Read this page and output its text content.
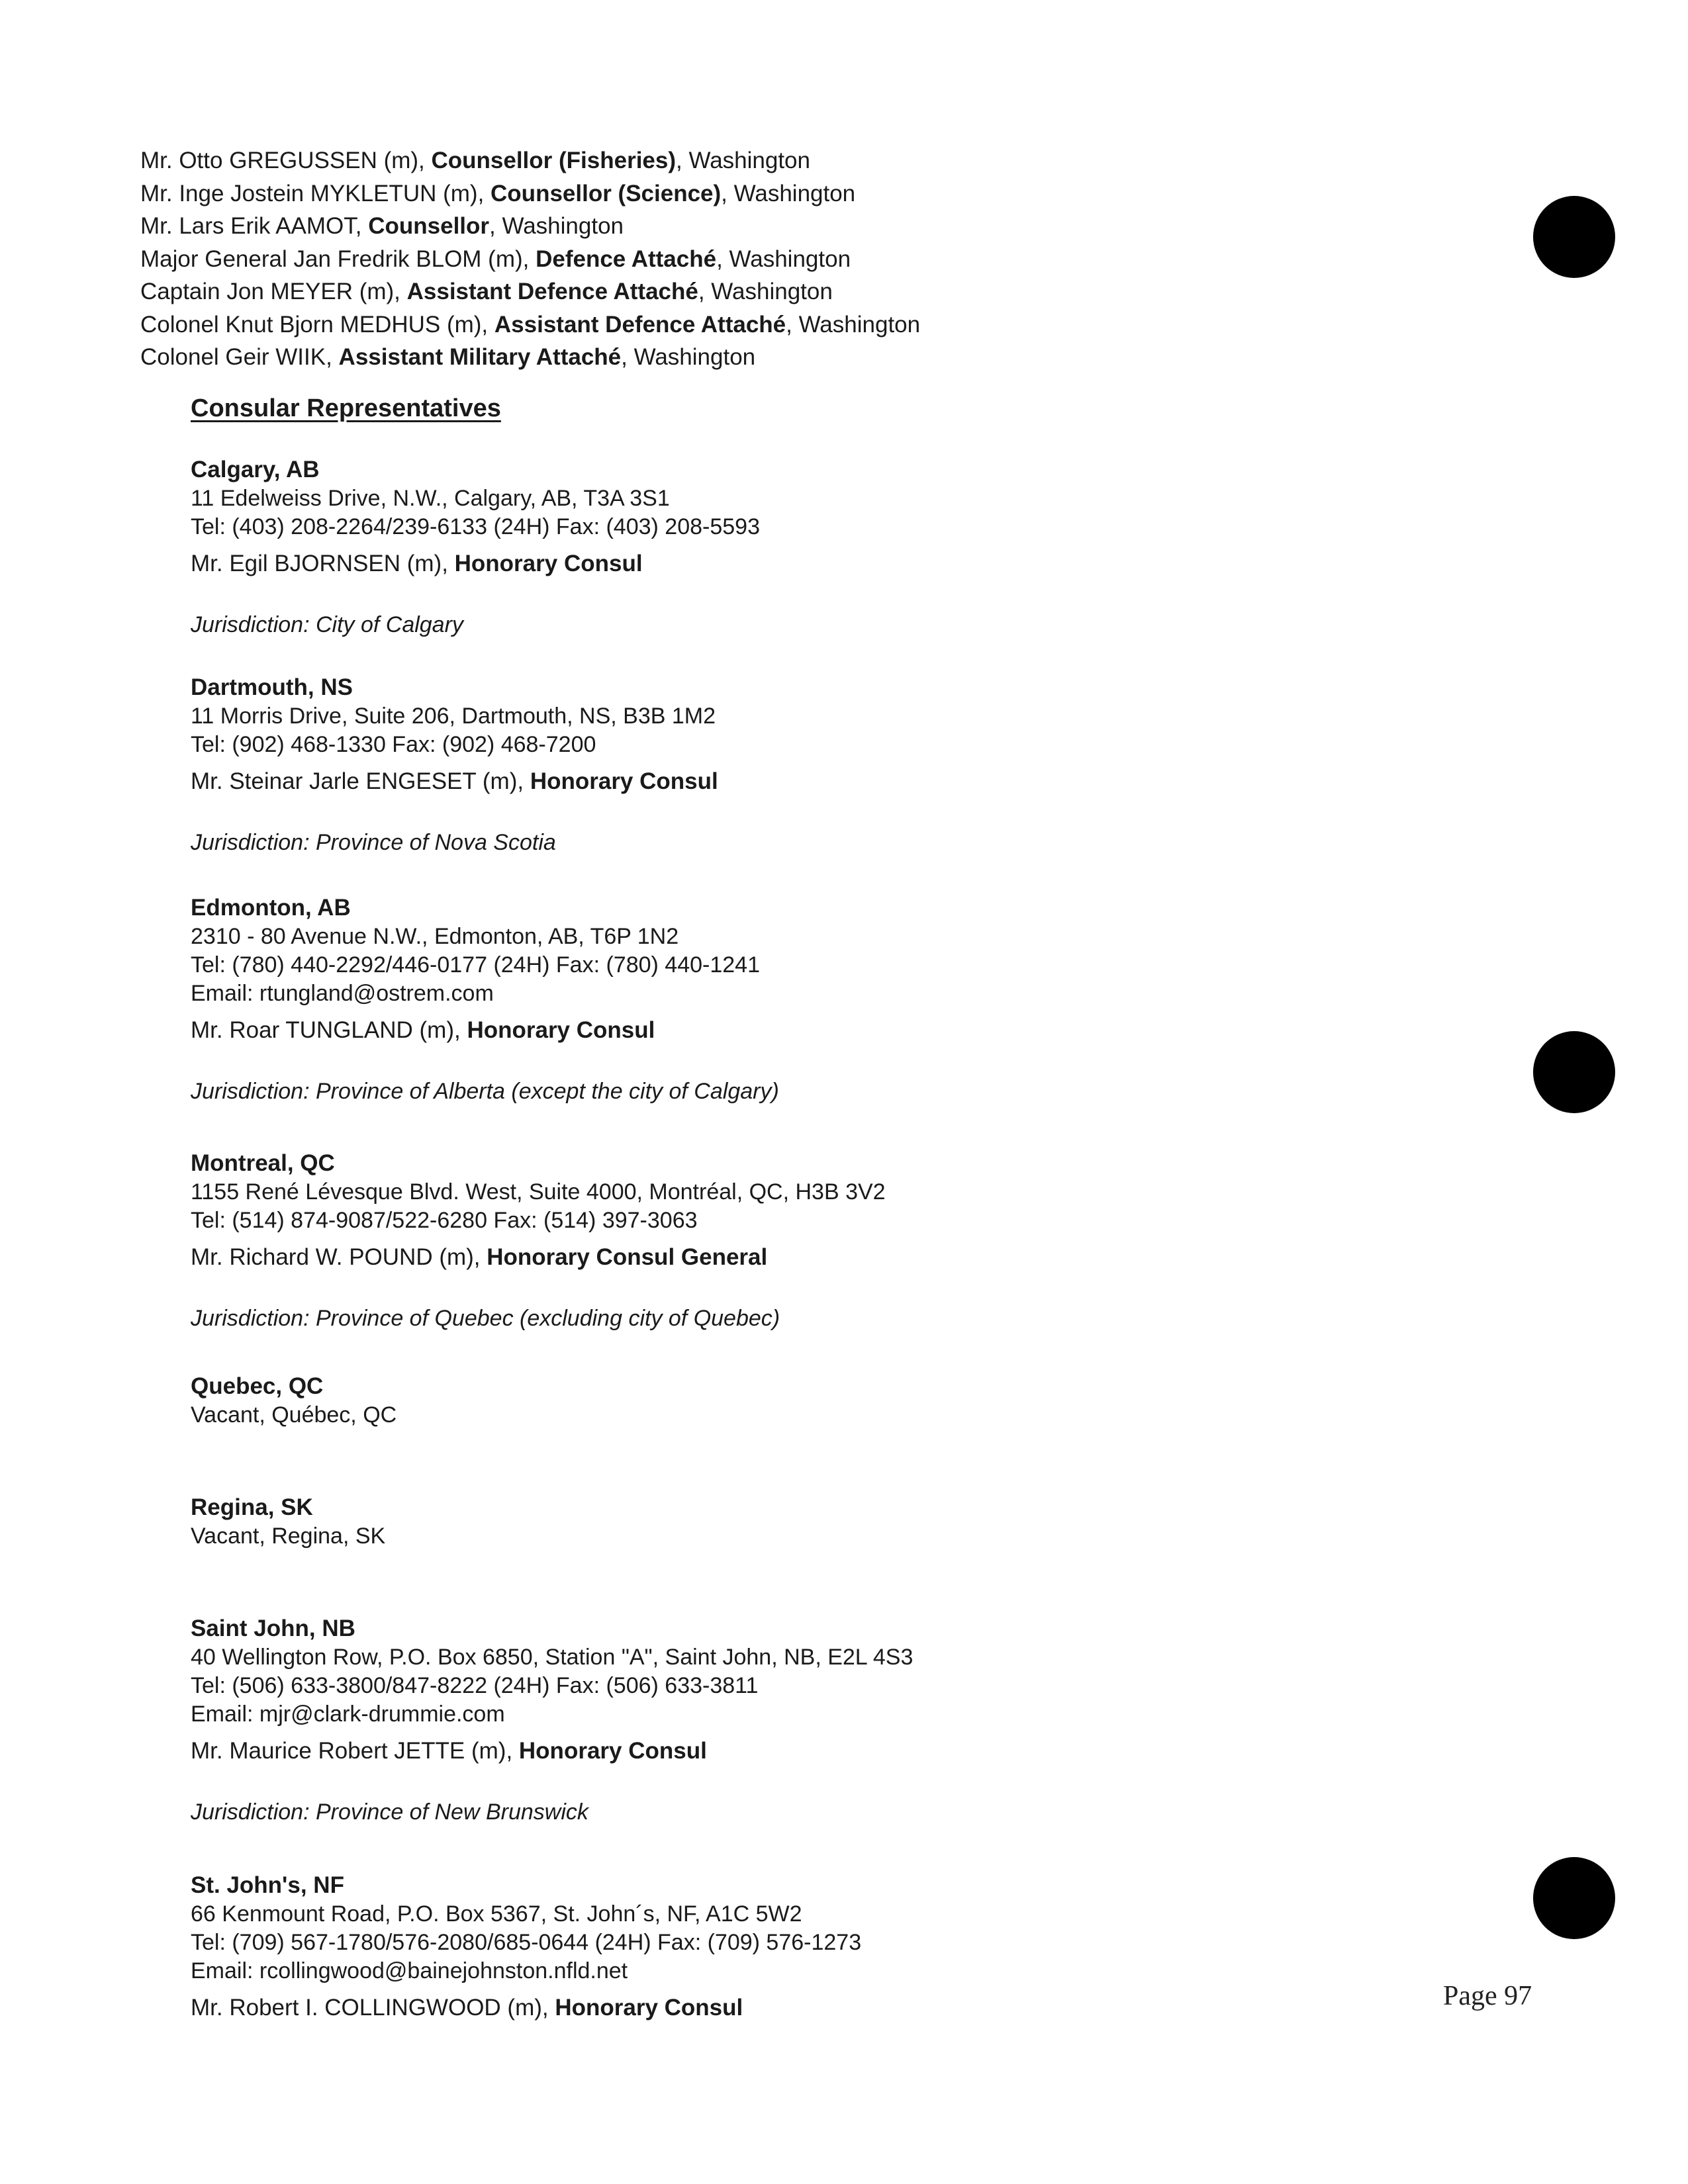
Mr. Otto GREGUSSEN (m), Counsellor (Fisheries), Washington
Mr. Inge Jostein MYKLETUN (m), Counsellor (Science), Washington
Mr. Lars Erik AAMOT, Counsellor, Washington
Major General Jan Fredrik BLOM (m), Defence Attaché, Washington
Captain Jon MEYER (m), Assistant Defence Attaché, Washington
Colonel Knut Bjorn MEDHUS (m), Assistant Defence Attaché, Washington
Colonel Geir WIIK, Assistant Military Attaché, Washington
Consular Representatives
Calgary, AB
11 Edelweiss Drive, N.W., Calgary, AB, T3A 3S1
Tel: (403) 208-2264/239-6133 (24H) Fax: (403) 208-5593
Mr. Egil BJORNSEN (m), Honorary Consul
Jurisdiction: City of Calgary
Dartmouth, NS
11 Morris Drive, Suite 206, Dartmouth, NS, B3B 1M2
Tel: (902) 468-1330 Fax: (902) 468-7200
Mr. Steinar Jarle ENGESET (m), Honorary Consul
Jurisdiction: Province of Nova Scotia
Edmonton, AB
2310 - 80 Avenue N.W., Edmonton, AB, T6P 1N2
Tel: (780) 440-2292/446-0177 (24H) Fax: (780) 440-1241
Email: rtungland@ostrem.com
Mr. Roar TUNGLAND (m), Honorary Consul
Jurisdiction: Province of Alberta (except the city of Calgary)
Montreal, QC
1155 René Lévesque Blvd. West, Suite 4000, Montréal, QC, H3B 3V2
Tel: (514) 874-9087/522-6280 Fax: (514) 397-3063
Mr. Richard W. POUND (m), Honorary Consul General
Jurisdiction: Province of Quebec (excluding city of Quebec)
Quebec, QC
Vacant, Québec, QC
Regina, SK
Vacant, Regina, SK
Saint John, NB
40 Wellington Row, P.O. Box 6850, Station "A", Saint John, NB, E2L 4S3
Tel: (506) 633-3800/847-8222 (24H) Fax: (506) 633-3811
Email: mjr@clark-drummie.com
Mr. Maurice Robert JETTE (m), Honorary Consul
Jurisdiction: Province of New Brunswick
St. John's, NF
66 Kenmount Road, P.O. Box 5367, St. John´s, NF, A1C 5W2
Tel: (709) 567-1780/576-2080/685-0644 (24H) Fax: (709) 576-1273
Email: rcollingwood@bainejohnston.nfld.net
Mr. Robert I. COLLINGWOOD (m), Honorary Consul	Page 97
